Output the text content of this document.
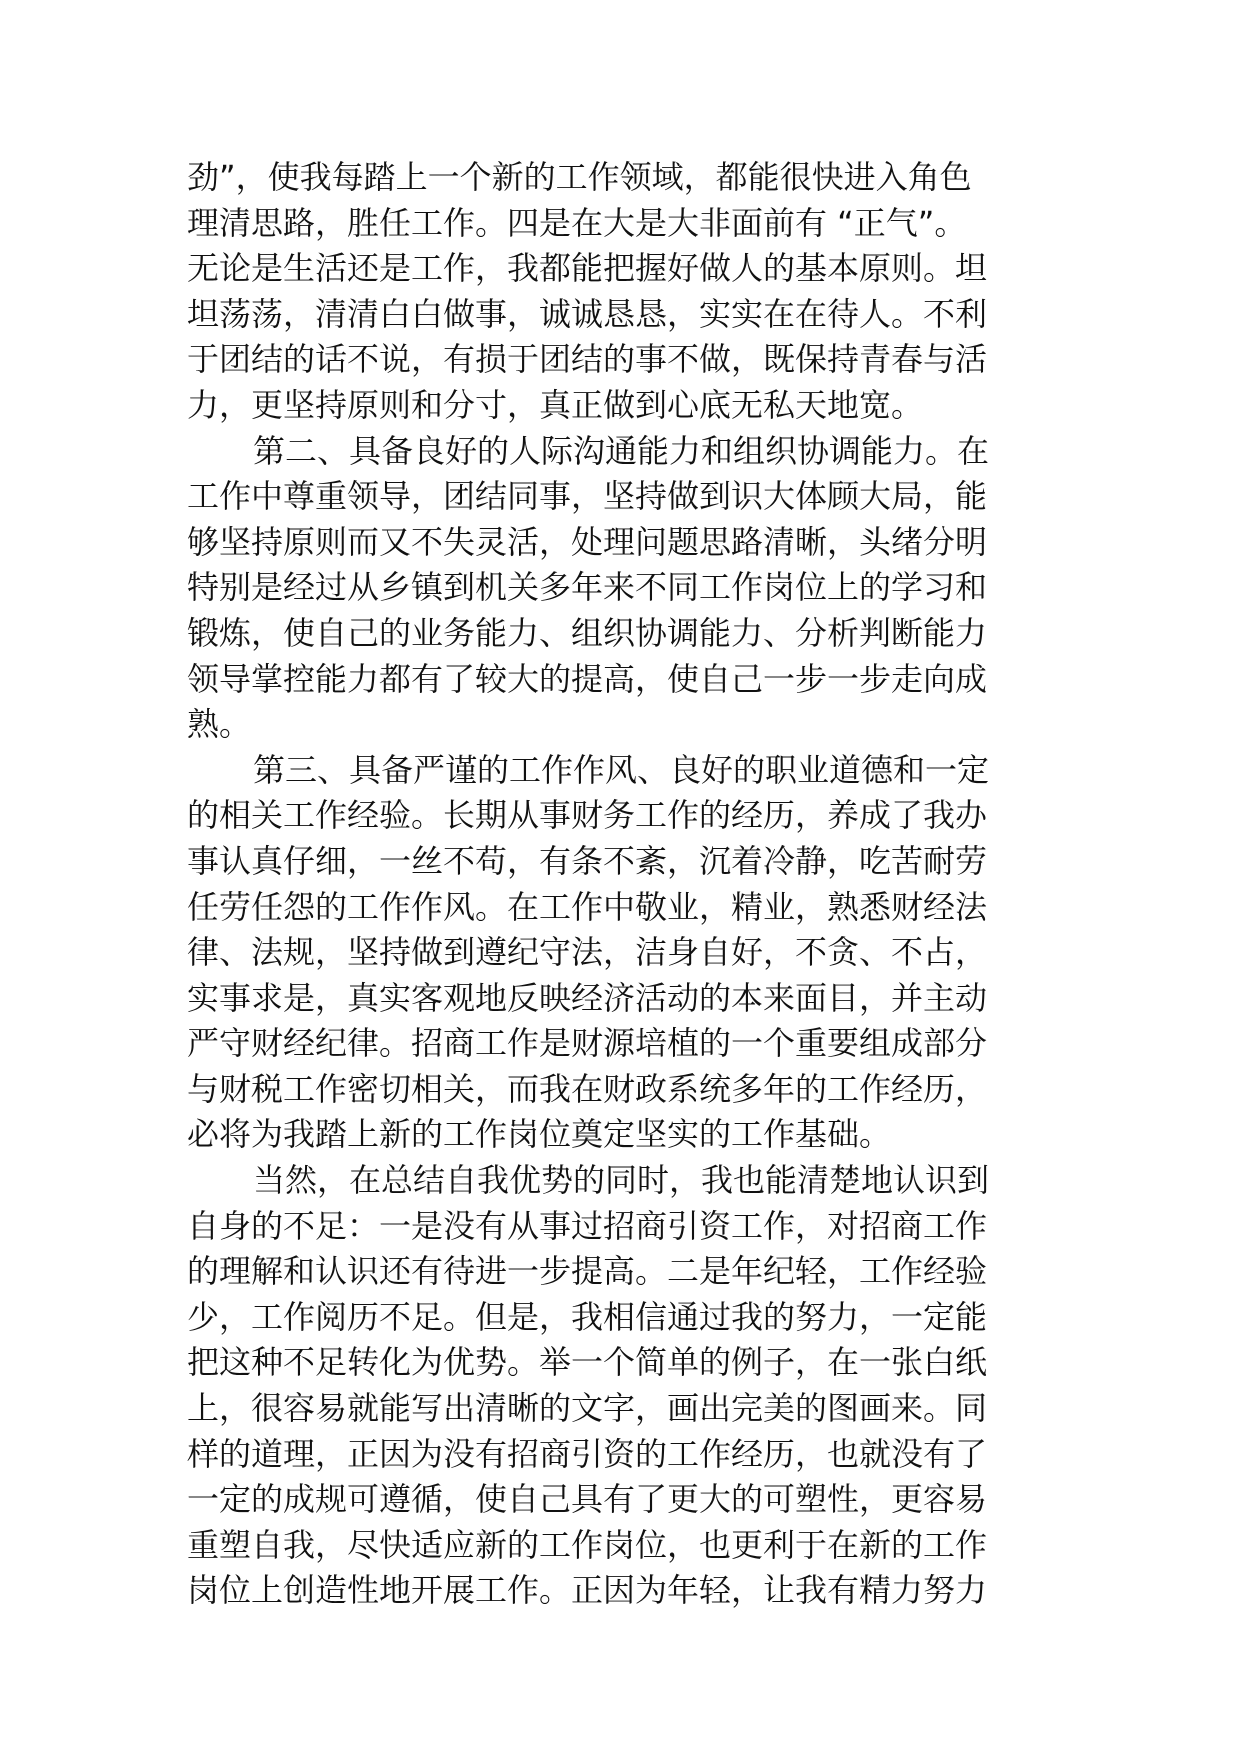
劲”，使我每踏上一个新的工作领域，都能很快进入角色
理清思路，胜任工作。四是在大是大非面前有 “正气”。
无论是生活还是工作，我都能把握好做人的基本原则。坦
坦荡荡，清清白白做事，诚诚恳恳，实实在在待人。不利
于团结的话不说，有损于团结的事不做，既保持青春与活
力，更坚持原则和分寸，真正做到心底无私天地宽。
第二、具备良好的人际沟通能力和组织协调能力。在
工作中尊重领导，团结同事，坚持做到识大体顾大局，能
够坚持原则而又不失灵活，处理问题思路清晰，头绪分明
特别是经过从乡镇到机关多年来不同工作岗位上的学习和
锻炼，使自己的业务能力、组织协调能力、分析判断能力
领导掌控能力都有了较大的提高，使自己一步一步走向成
熟。
第三、具备严谨的工作作风、良好的职业道德和一定
的相关工作经验。长期从事财务工作的经历，养成了我办
事认真仔细，一丝不苟，有条不紊，沉着冷静，吃苦耐劳
任劳任怨的工作作风。在工作中敬业，精业，熟悉财经法
律、法规，坚持做到遵纪守法，洁身自好，不贪、不占，
实事求是，真实客观地反映经济活动的本来面目，并主动
严守财经纪律。招商工作是财源培植的一个重要组成部分
与财税工作密切相关，而我在财政系统多年的工作经历，
必将为我踏上新的工作岗位奠定坚实的工作基础。
当然，在总结自我优势的同时，我也能清楚地认识到
自身的不足：一是没有从事过招商引资工作，对招商工作
的理解和认识还有待进一步提高。二是年纪轻，工作经验
少，工作阅历不足。但是，我相信通过我的努力，一定能
把这种不足转化为优势。举一个简单的例子，在一张白纸
上，很容易就能写出清晰的文字，画出完美的图画来。同
样的道理，正因为没有招商引资的工作经历，也就没有了
一定的成规可遵循，使自己具有了更大的可塑性，更容易
重塑自我，尽快适应新的工作岗位，也更利于在新的工作
岗位上创造性地开展工作。正因为年轻，让我有精力努力
